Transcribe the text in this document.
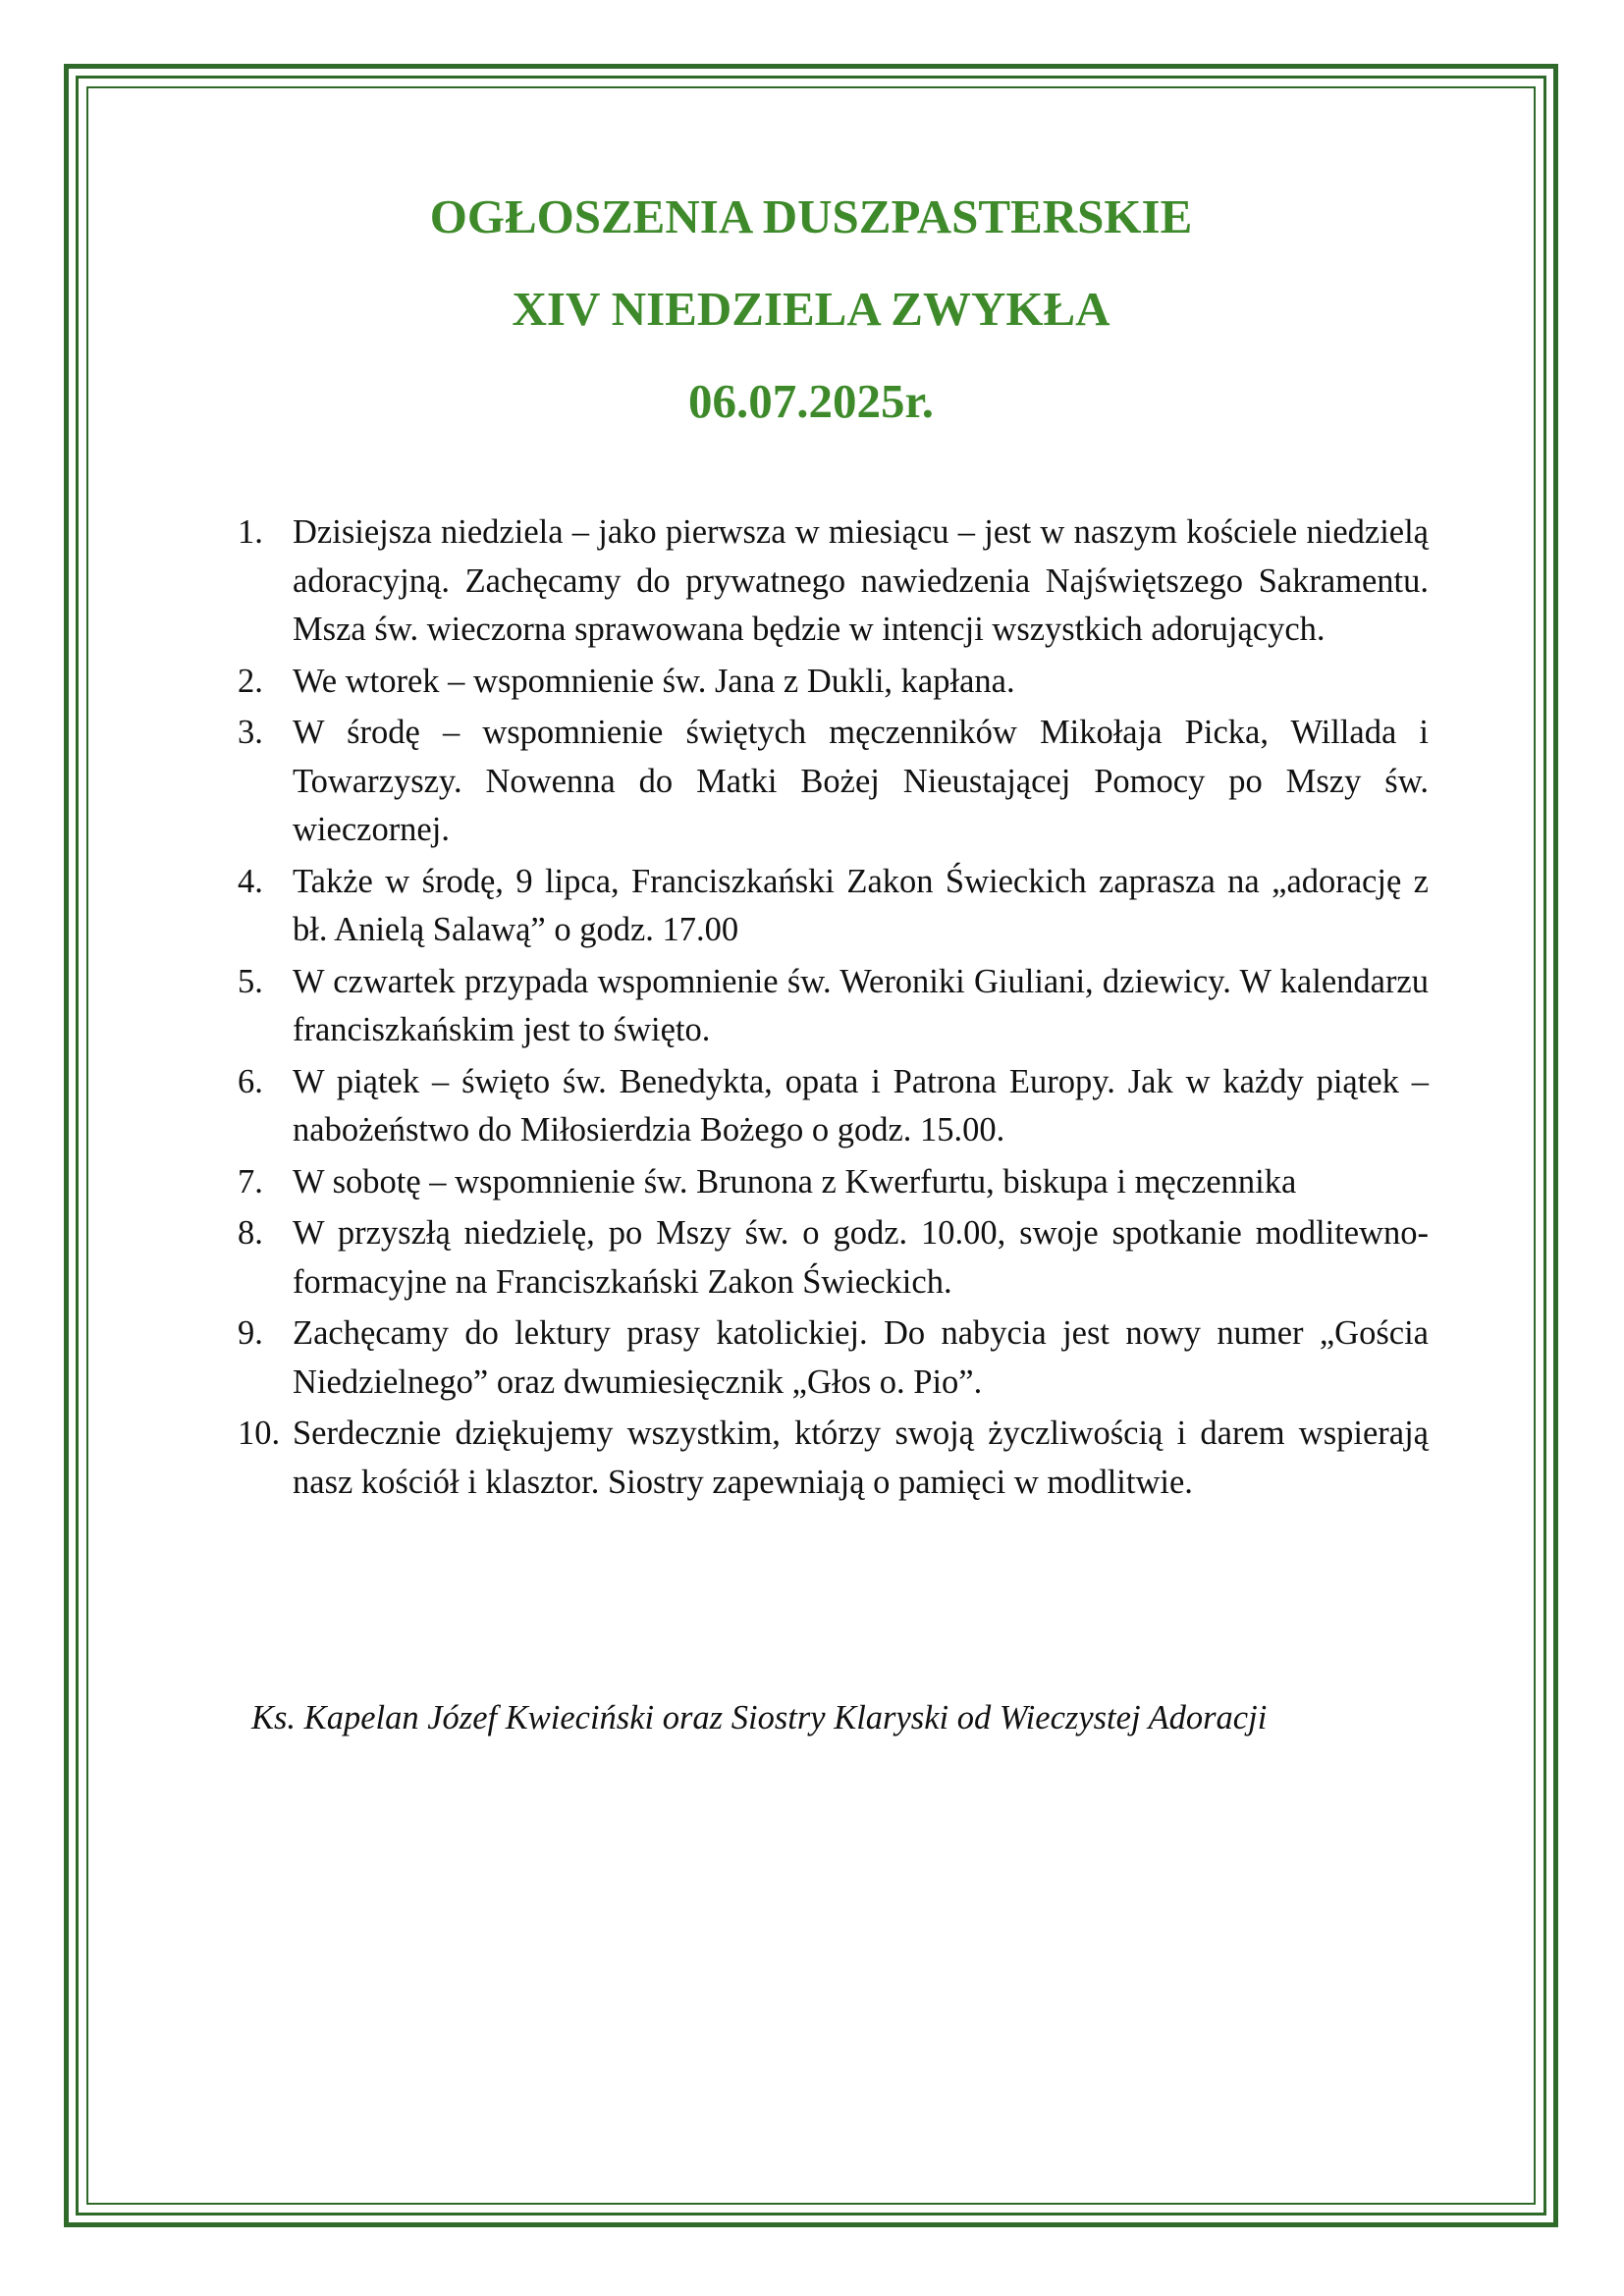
OGŁOSZENIA DUSZPASTERSKIE
XIV NIEDZIELA ZWYKŁA
06.07.2025r.
1. Dzisiejsza niedziela – jako pierwsza w miesiącu – jest w naszym kościele niedzielą adoracyjną. Zachęcamy do prywatnego nawiedzenia Najświętszego Sakramentu. Msza św. wieczorna sprawowana będzie w intencji wszystkich adorujących.
2. We wtorek – wspomnienie św. Jana z Dukli, kapłana.
3. W środę – wspomnienie świętych męczenników Mikołaja Picka, Willada i Towarzyszy. Nowenna do Matki Bożej Nieustającej Pomocy po Mszy św. wieczornej.
4. Także w środę, 9 lipca, Franciszkański Zakon Świeckich zaprasza na „adorację z bł. Anielą Salawą” o godz. 17.00
5. W czwartek przypada wspomnienie św. Weroniki Giuliani, dziewicy. W kalendarzu franciszkańskim jest to święto.
6. W piątek – święto św. Benedykta, opata i Patrona Europy. Jak w każdy piątek – nabożeństwo do Miłosierdzia Bożego o godz. 15.00.
7. W sobotę – wspomnienie św. Brunona z Kwerfurtu, biskupa i męczennika
8. W przyszłą niedzielę, po Mszy św. o godz. 10.00, swoje spotkanie modlitewno-formacyjne na Franciszkański Zakon Świeckich.
9. Zachęcamy do lektury prasy katolickiej. Do nabycia jest nowy numer „Gościa Niedzielnego” oraz dwumiesięcznik „Głos o. Pio”.
10. Serdecznie dziękujemy wszystkim, którzy swoją życzliwością i darem wspierają nasz kościół i klasztor. Siostry zapewniają o pamięci w modlitwie.
Ks. Kapelan Józef Kwieciński oraz Siostry Klaryski od Wieczystej Adoracji
